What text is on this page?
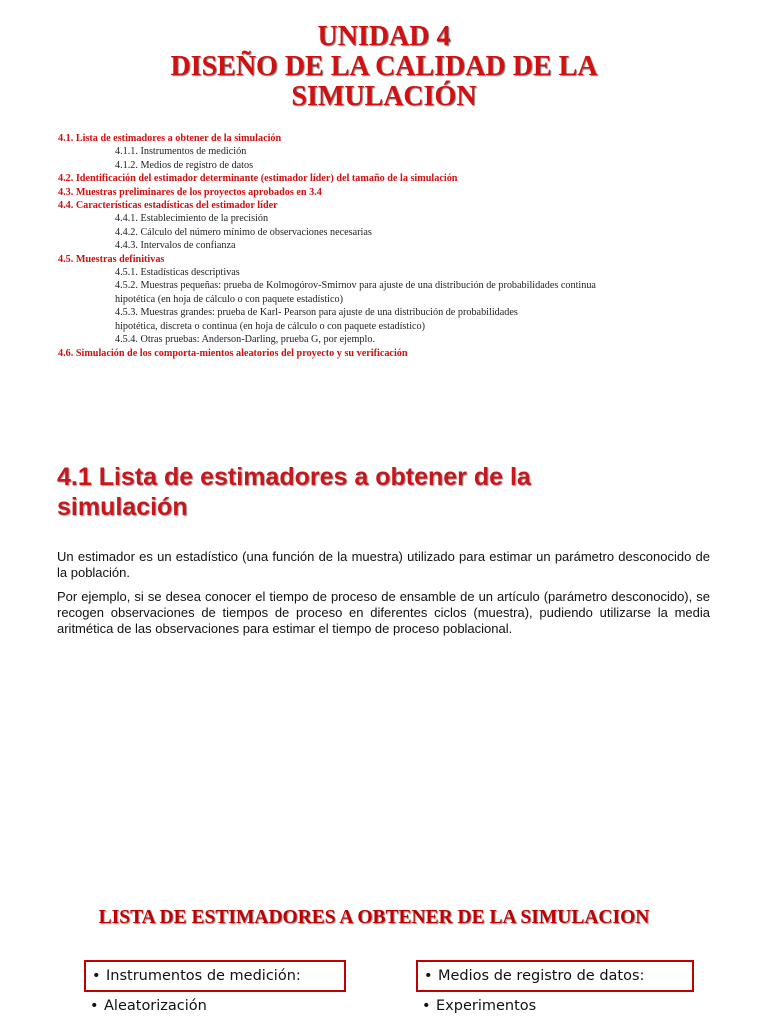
UNIDAD 4
DISEÑO DE LA CALIDAD DE LA
SIMULACIÓN
4.1. Lista de estimadores a obtener de la simulación
4.1.1. Instrumentos de medición
4.1.2. Medios de registro de datos
4.2. Identificación del estimador determinante (estimador líder) del tamaño de la simulación
4.3. Muestras preliminares de los proyectos aprobados en 3.4
4.4. Características estadísticas del estimador líder
4.4.1. Establecimiento de la precisión
4.4.2. Cálculo del número mínimo de observaciones necesarias
4.4.3. Intervalos de confianza
4.5. Muestras definitivas
4.5.1. Estadísticas descriptivas
4.5.2. Muestras pequeñas: prueba de Kolmogórov-Smirnov para ajuste de una distribución de probabilidades continua
hipotética (en hoja de cálculo o con paquete estadístico)
4.5.3. Muestras grandes: prueba de Karl- Pearson para ajuste de una distribución de probabilidades
hipotética, discreta o continua (en hoja de cálculo o con paquete estadístico)
4.5.4. Otras pruebas: Anderson-Darling, prueba G, por ejemplo.
4.6. Simulación de los comporta-mientos aleatorios del proyecto y su verificación
4.1 Lista de estimadores a obtener de la
simulación

Un estimador es un estadístico (una función de la muestra) utilizado para estimar un parámetro desconocido de la población.

Por ejemplo, si se desea conocer el tiempo de proceso de ensamble de un artículo (parámetro desconocido), se recogen observaciones de tiempos de proceso en diferentes ciclos (muestra), pudiendo utilizarse la media aritmética de las observaciones para estimar el tiempo de proceso poblacional.

LISTA DE ESTIMADORES A OBTENER DE LA SIMULACION
• Instrumentos de medición:
• Aleatorización
• Medios de registro de datos:
• Experimentos
